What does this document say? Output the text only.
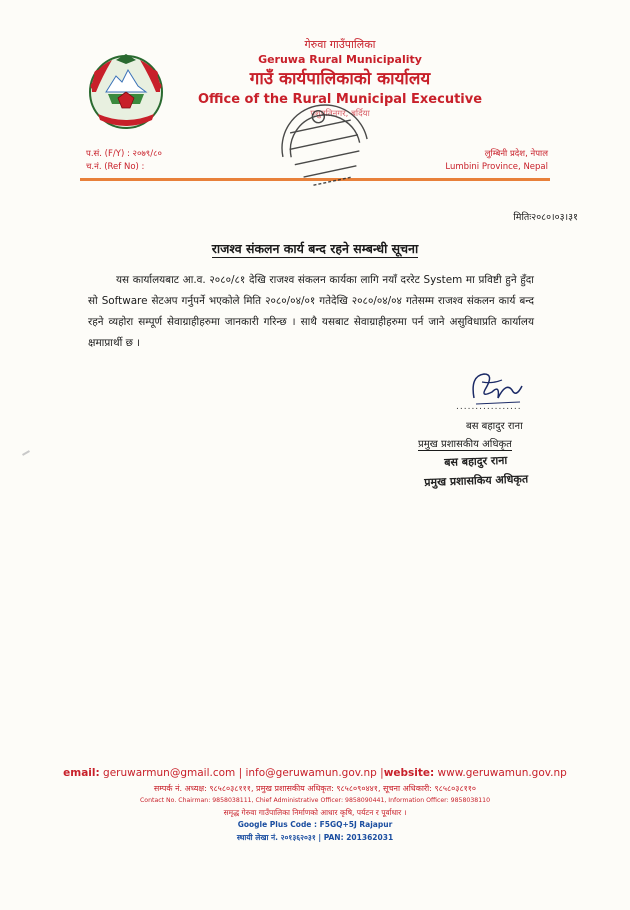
गेरुवा गाउँपालिका
Geruwa Rural Municipality
गाउँ कार्यपालिकाको कार्यालय
Office of the Rural Municipal Executive
पशुपतिनगर, बर्दिया
प.सं. (F/Y) : २०७९/८०
च.नं. (Ref No) :
लुम्बिनी प्रदेश, नेपाल
Lumbini Province, Nepal
मितिः२०८०।०३।३१
राजश्व संकलन कार्य बन्द रहने सम्बन्धी सूचना
यस कार्यालयबाट आ.व. २०८०/८१ देखि राजश्व संकलन कार्यका लागि नयाँ दररेट System मा प्रविष्टी हुने हुँदा सो Software सेटअप गर्नुपर्ने भएकोले मिति २०८०/०४/०१ गतेदेखि २०८०/०४/०४ गतेसम्म राजश्व संकलन कार्य बन्द रहने व्यहोरा सम्पूर्ण सेवाग्राहीहरुमा जानकारी गरिन्छ । साथै यसबाट सेवाग्राहीहरुमा पर्न जाने असुविधाप्रति कार्यालय क्षमाप्रार्थी छ ।
.................
बस बहादुर राना
प्रमुख प्रशासकीय अधिकृत
बस बहादुर राना
प्रमुख प्रशासकिय अधिकृत
email: geruwarmun@gmail.com | info@geruwamun.gov.np |website: www.geruwamun.gov.np
सम्पर्क नं. अध्यक्ष: ९८५८०३८१११, प्रमुख प्रशासकीय अधिकृत: ९८५८०९०४४१, सूचना अधिकारी: ९८५८०३८११०
Contact No. Chairman: 9858038111, Chief Administrative Officer: 9858090441, Information Officer: 9858038110
समृद्ध गेरुवा गाउँपालिका निर्माणको आधार कृषि, पर्यटन र पूर्वाधार ।
Google Plus Code : F5GQ+5J Rajapur
स्थायी लेखा नं. २०१३६२०३१ | PAN: 201362031
